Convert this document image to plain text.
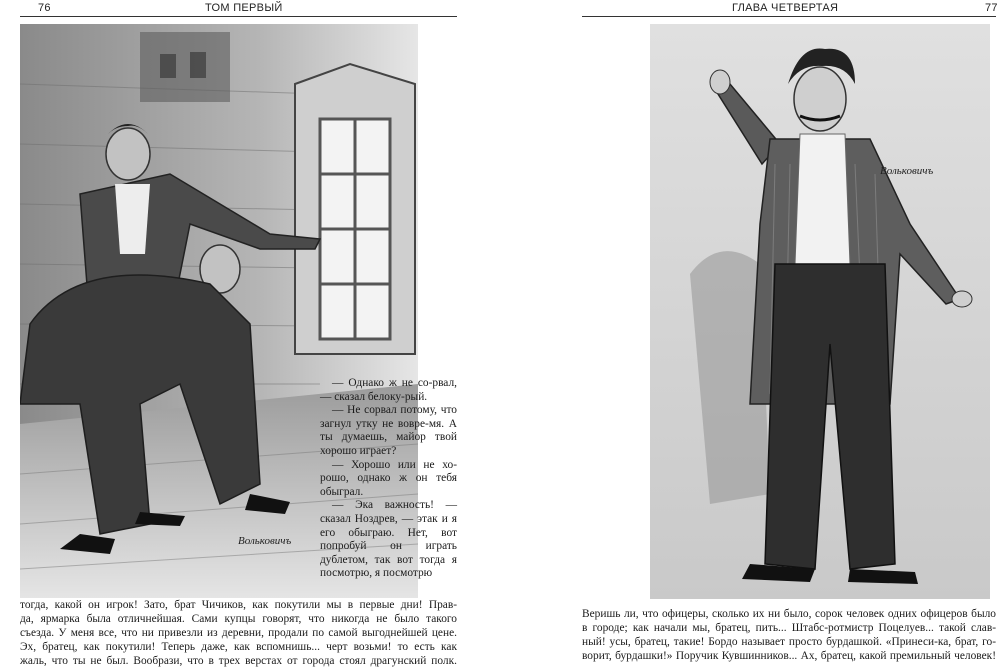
76	ТОМ ПЕРВЫЙ
Вольковичъ

— Однако ж не со-рвал, — сказал белоку-рый.

— Не сорвал потому, что загнул утку не вовре-мя. А ты думаешь, майор твой хорошо играет?

— Хорошо или не хо-рошо, однако ж он тебя обыграл.

— Эка важность! — сказал Ноздрев, — этак и я его обыграю. Нет, вот попробуй он играть дублетом, так вот тогда я посмотрю, я посмотрю

тогда, какой он игрок! Зато, брат Чичиков, как покутили мы в первые дни! Прав-
да, ярмарка была отличнейшая. Сами купцы говорят, что никогда не было такого
съезда. У меня все, что ни привезли из деревни, продали по самой выгоднейшей цене.
Эх, братец, как покутили! Теперь даже, как вспомнишь... черт возьми! то есть как
жаль, что ты не был. Вообрази, что в трех верстах от города стоял драгунский полк.
ГЛАВА ЧЕТВЕРТАЯ	77
Вольковичъ
Веришь ли, что офицеры, сколько их ни было, сорок человек одних офицеров было
в городе; как начали мы, братец, пить... Штабс-ротмистр Поцелуев... такой слав-
ный! усы, братец, такие! Бордо называет просто бурдашкой. «Принеси-ка, брат, го-
ворит, бурдашки!» Поручик Кувшинников... Ах, братец, какой премильный человек!
